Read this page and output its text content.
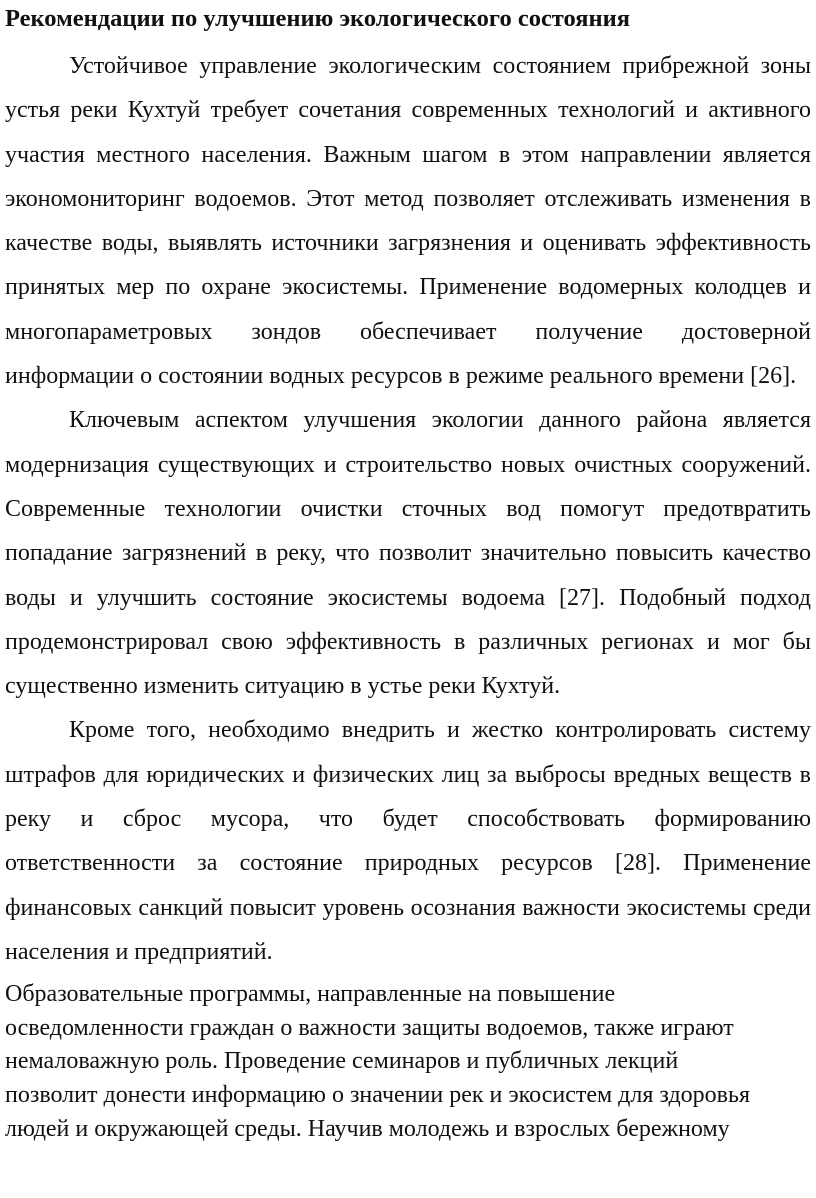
Рекомендации по улучшению экологического состояния

Устойчивое управление экологическим состоянием прибрежной зоны устья реки Кухтуй требует сочетания современных технологий и активного участия местного населения. Важным шагом в этом направлении является экономониторинг водоемов. Этот метод позволяет отслеживать изменения в качестве воды, выявлять источники загрязнения и оценивать эффективность принятых мер по охране экосистемы. Применение водомерных колодцев и многопараметровых зондов обеспечивает получение достоверной информации о состоянии водных ресурсов в режиме реального времени [26].

Ключевым аспектом улучшения экологии данного района является модернизация существующих и строительство новых очистных сооружений. Современные технологии очистки сточных вод помогут предотвратить попадание загрязнений в реку, что позволит значительно повысить качество воды и улучшить состояние экосистемы водоема [27]. Подобный подход продемонстрировал свою эффективность в различных регионах и мог бы существенно изменить ситуацию в устье реки Кухтуй.

Кроме того, необходимо внедрить и жестко контролировать систему штрафов для юридических и физических лиц за выбросы вредных веществ в реку и сброс мусора, что будет способствовать формированию ответственности за состояние природных ресурсов [28]. Применение финансовых санкций повысит уровень осознания важности экосистемы среди населения и предприятий.

Образовательные программы, направленные на повышение
осведомленности граждан о важности защиты водоемов, также играют
немаловажную роль. Проведение семинаров и публичных лекций
позволит донести информацию о значении рек и экосистем для здоровья
людей и окружающей среды. Научив молодежь и взрослых бережному
